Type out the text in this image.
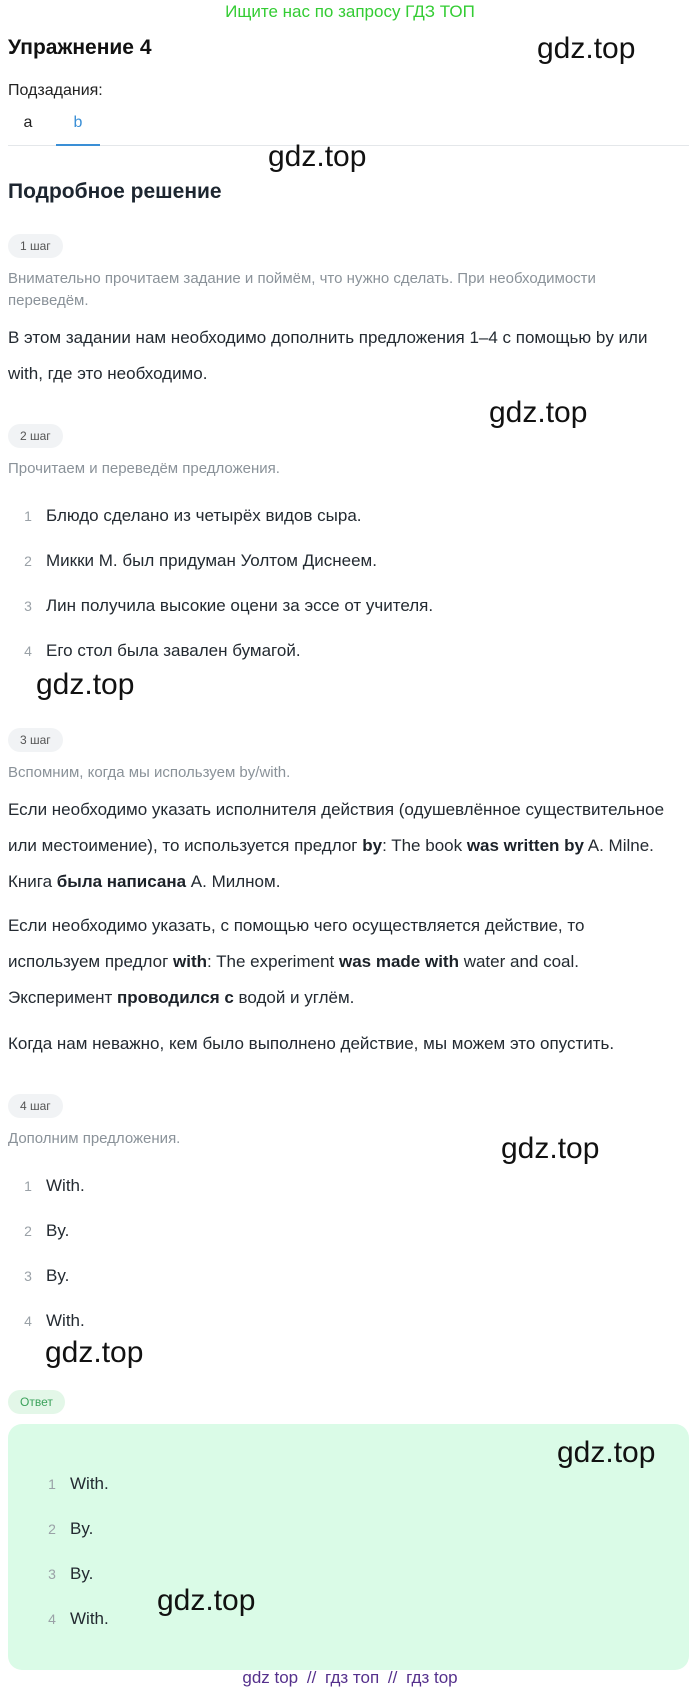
Ищите нас по запросу ГДЗ ТОП
Упражнение 4	gdz.top
Подзадания:
a	b
gdz.top
Подробное решение
1 шаг
Внимательно прочитаем задание и поймём, что нужно сделать. При необходимости переведём.
В этом задании нам необходимо дополнить предложения 1–4 с помощью by или with, где это необходимо.
gdz.top
2 шаг
Прочитаем и переведём предложения.
1 Блюдо сделано из четырёх видов сыра.
2 Микки М. был придуман Уолтом Диснеем.
3 Лин получила высокие оцени за эссе от учителя.
4 Его стол была завален бумагой.
gdz.top
3 шаг
Вспомним, когда мы используем by/with.
Если необходимо указать исполнителя действия (одушевлённое существительное или местоимение), то используется предлог by: The book was written by A. Milne. Книга была написана А. Милном.
Если необходимо указать, с помощью чего осуществляется действие, то используем предлог with: The experiment was made with water and coal. Эксперимент проводился с водой и углём.
Когда нам неважно, кем было выполнено действие, мы можем это опустить.
4 шаг
Дополним предложения.	gdz.top
1 With.
2 By.
3 By.
4 With.
gdz.top
Ответ
gdz.top
1 With.
2 By.
3 By.
4 With.
gdz.top
gdz top // гдз топ // гдз top
